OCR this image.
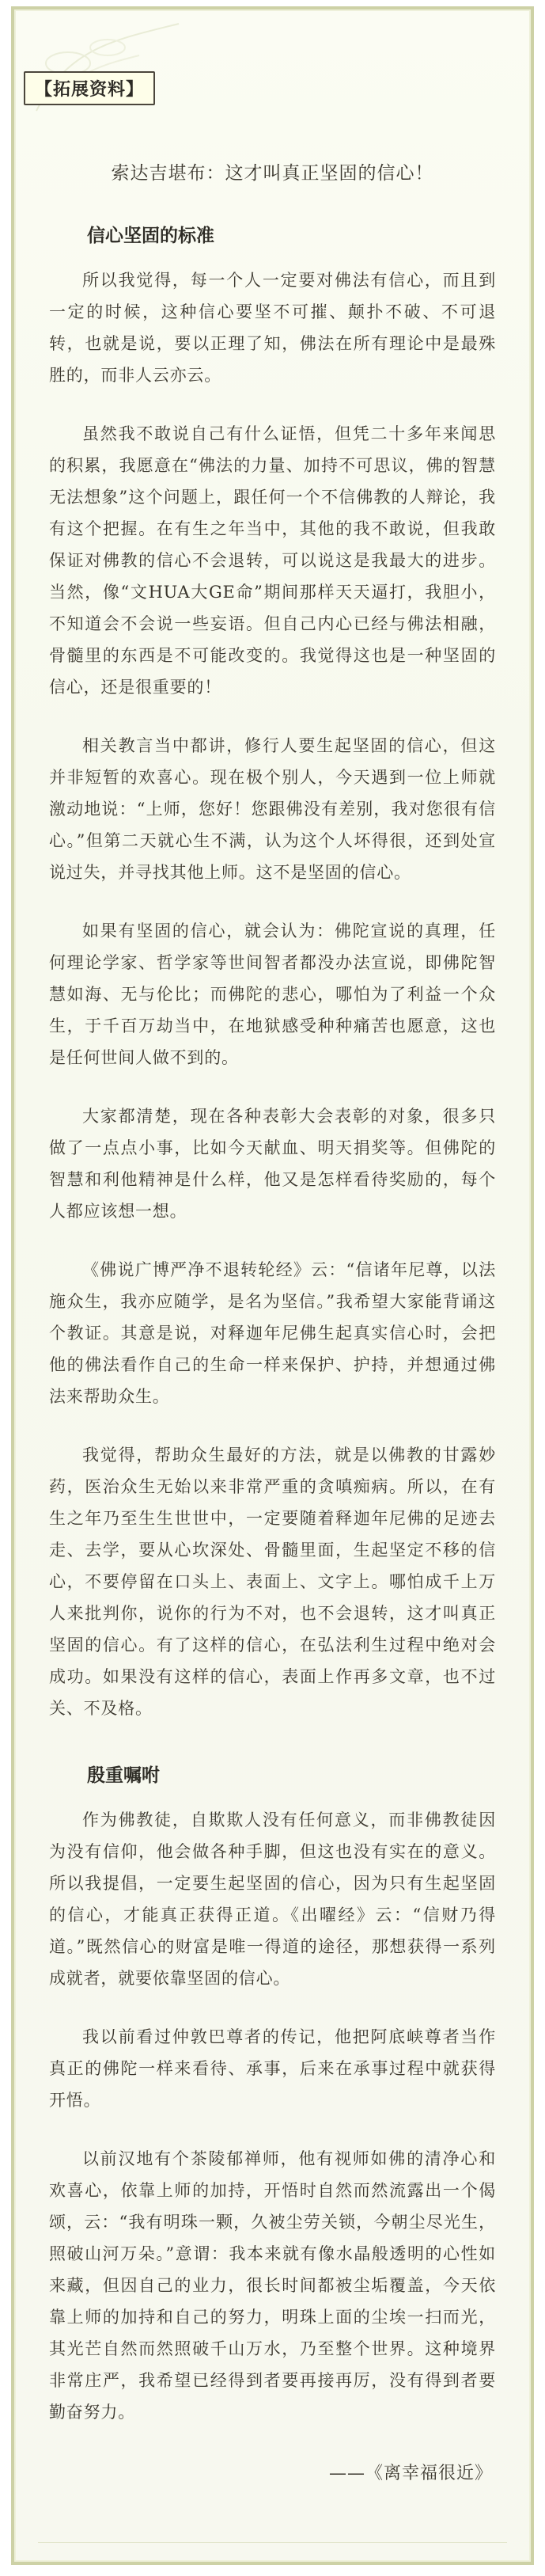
【拓展资料】
索达吉堪布：这才叫真正坚固的信心！
信心坚固的标准

所以我觉得，每一个人一定要对佛法有信心，而且到一定的时候，这种信心要坚不可摧、颠扑不破、不可退转，也就是说，要以正理了知，佛法在所有理论中是最殊胜的，而非人云亦云。

虽然我不敢说自己有什么证悟，但凭二十多年来闻思的积累，我愿意在“佛法的力量、加持不可思议，佛的智慧无法想象”这个问题上，跟任何一个不信佛教的人辩论，我有这个把握。在有生之年当中，其他的我不敢说，但我敢保证对佛教的信心不会退转，可以说这是我最大的进步。当然，像“文HUA大GE命”期间那样天天逼打，我胆小，不知道会不会说一些妄语。但自己内心已经与佛法相融，骨髓里的东西是不可能改变的。我觉得这也是一种坚固的信心，还是很重要的！

相关教言当中都讲，修行人要生起坚固的信心，但这并非短暂的欢喜心。现在极个别人，今天遇到一位上师就激动地说：“上师，您好！您跟佛没有差别，我对您很有信心。”但第二天就心生不满，认为这个人坏得很，还到处宣说过失，并寻找其他上师。这不是坚固的信心。

如果有坚固的信心，就会认为：佛陀宣说的真理，任何理论学家、哲学家等世间智者都没办法宣说，即佛陀智慧如海、无与伦比；而佛陀的悲心，哪怕为了利益一个众生，于千百万劫当中，在地狱感受种种痛苦也愿意，这也是任何世间人做不到的。

大家都清楚，现在各种表彰大会表彰的对象，很多只做了一点点小事，比如今天献血、明天捐奖等。但佛陀的智慧和利他精神是什么样，他又是怎样看待奖励的，每个人都应该想一想。

《佛说广博严净不退转轮经》云：“信诸年尼尊，以法施众生，我亦应随学，是名为坚信。”我希望大家能背诵这个教证。其意是说，对释迦年尼佛生起真实信心时，会把他的佛法看作自己的生命一样来保护、护持，并想通过佛法来帮助众生。

我觉得，帮助众生最好的方法，就是以佛教的甘露妙药，医治众生无始以来非常严重的贪嗔痴病。所以，在有生之年乃至生生世世中，一定要随着释迦年尼佛的足迹去走、去学，要从心坎深处、骨髓里面，生起坚定不移的信心，不要停留在口头上、表面上、文字上。哪怕成千上万人来批判你，说你的行为不对，也不会退转，这才叫真正坚固的信心。有了这样的信心，在弘法利生过程中绝对会成功。如果没有这样的信心，表面上作再多文章，也不过关、不及格。

殷重嘱咐

作为佛教徒，自欺欺人没有任何意义，而非佛教徒因为没有信仰，他会做各种手脚，但这也没有实在的意义。所以我提倡，一定要生起坚固的信心，因为只有生起坚固的信心，才能真正获得正道。《出曜经》云：“信财乃得道。”既然信心的财富是唯一得道的途径，那想获得一系列成就者，就要依靠坚固的信心。

我以前看过仲敦巴尊者的传记，他把阿底峡尊者当作真正的佛陀一样来看待、承事，后来在承事过程中就获得开悟。

以前汉地有个茶陵郁禅师，他有视师如佛的清净心和欢喜心，依靠上师的加持，开悟时自然而然流露出一个偈颂，云：“我有明珠一颗，久被尘劳关锁，今朝尘尽光生，照破山河万朵。”意谓：我本来就有像水晶般透明的心性如来藏，但因自己的业力，很长时间都被尘垢覆盖，今天依靠上师的加持和自己的努力，明珠上面的尘埃一扫而光，其光芒自然而然照破千山万水，乃至整个世界。这种境界非常庄严，我希望已经得到者要再接再厉，没有得到者要勤奋努力。

——《离幸福很近》
